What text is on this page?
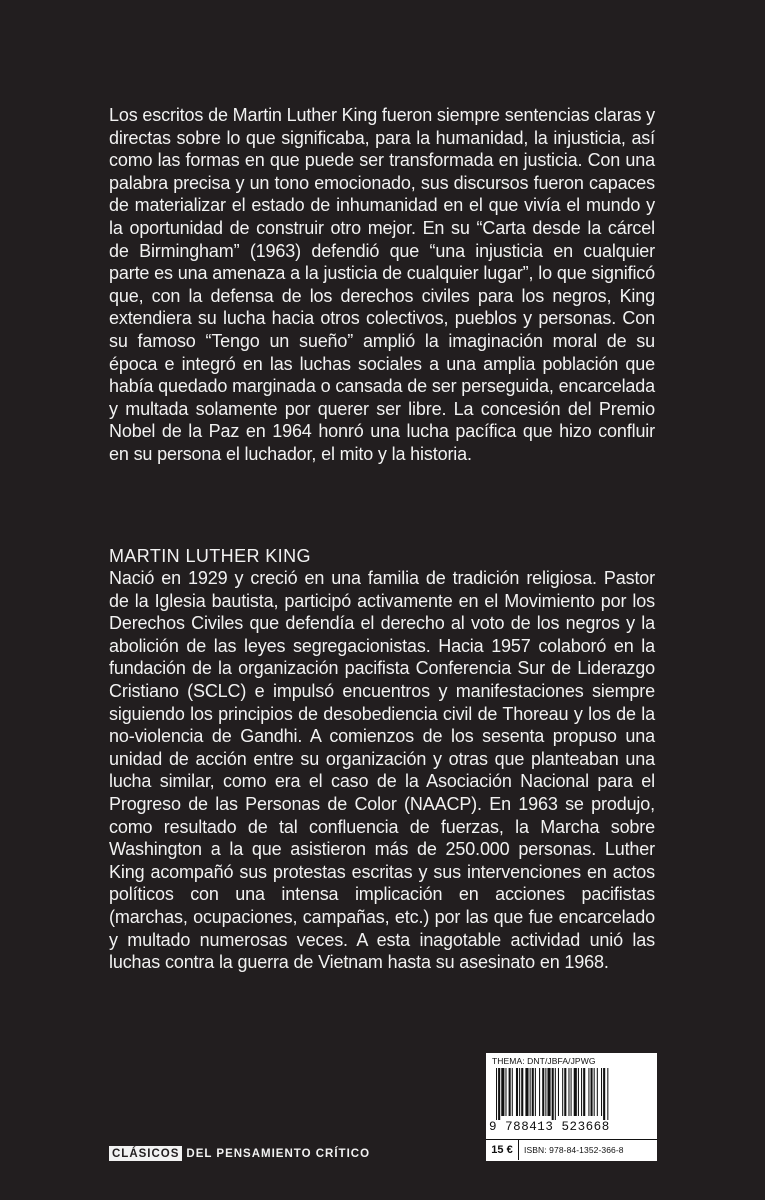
Los escritos de Martin Luther King fueron siempre sentencias claras y directas sobre lo que significaba, para la humanidad, la injusticia, así como las formas en que puede ser transformada en justicia. Con una palabra precisa y un tono emocionado, sus discursos fueron capaces de materializar el estado de inhumanidad en el que vivía el mundo y la oportunidad de construir otro mejor. En su “Carta desde la cárcel de Birmingham” (1963) defendió que “una injusticia en cualquier parte es una amenaza a la justicia de cualquier lugar”, lo que significó que, con la defensa de los derechos civiles para los negros, King extendiera su lucha hacia otros colectivos, pueblos y personas. Con su famoso “Tengo un sueño” amplió la imaginación moral de su época e integró en las luchas sociales a una amplia población que había quedado marginada o cansada de ser perseguida, encarcelada y multada solamente por querer ser libre. La concesión del Premio Nobel de la Paz en 1964 honró una lucha pacífica que hizo confluir en su persona el luchador, el mito y la historia.

MARTIN LUTHER KING

Nació en 1929 y creció en una familia de tradición religiosa. Pastor de la Iglesia bautista, participó activamente en el Movimiento por los Derechos Civiles que defendía el derecho al voto de los negros y la abolición de las leyes segregacionistas. Hacia 1957 colaboró en la fundación de la organización pacifista Conferencia Sur de Liderazgo Cristiano (SCLC) e impulsó encuentros y manifestaciones siempre siguiendo los principios de desobediencia civil de Thoreau y los de la no-violencia de Gandhi. A comienzos de los sesenta propuso una unidad de acción entre su organización y otras que planteaban una lucha similar, como era el caso de la Asociación Nacional para el Progreso de las Personas de Color (NAACP). En 1963 se produjo, como resultado de tal confluencia de fuerzas, la Marcha sobre Washington a la que asistieron más de 250.000 personas. Luther King acompañó sus protestas escritas y sus intervenciones en actos políticos con una intensa implicación en acciones pacifistas (marchas, ocupaciones, campañas, etc.) por las que fue encarcelado y multado numerosas veces. A esta inagotable actividad unió las luchas contra la guerra de Vietnam hasta su asesinato en 1968.

CLÁSICOS DEL PENSAMIENTO CRÍTICO
THEMA: DNT/JBFA/JPWG
9 788413 523668
15 €	ISBN: 978-84-1352-366-8
